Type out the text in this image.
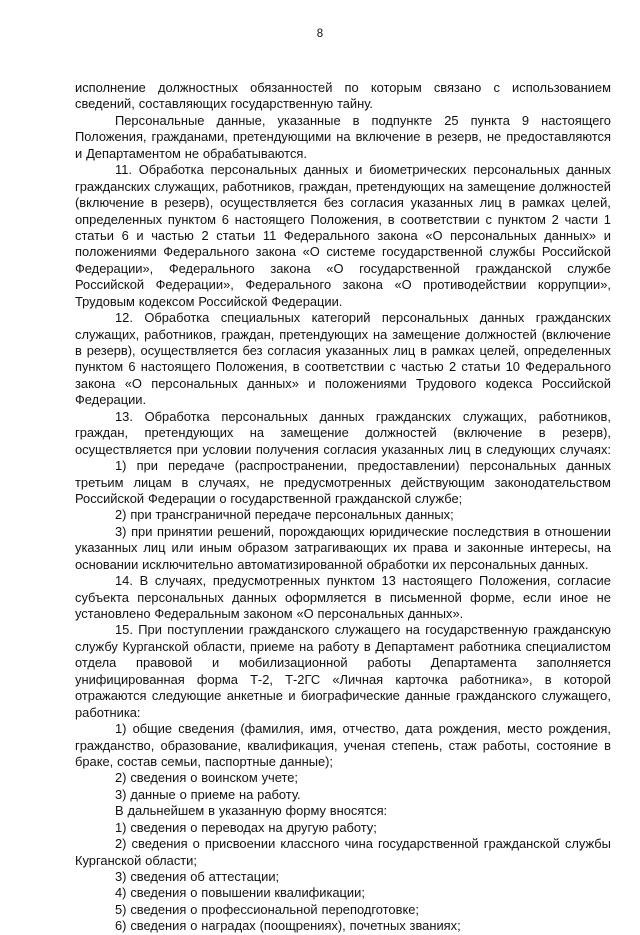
8
исполнение должностных обязанностей по которым связано с использованием
сведений, составляющих государственную тайну.
Персональные данные, указанные в подпункте 25 пункта 9 настоящего
Положения, гражданами, претендующими на включение в резерв, не предоставляются
и Департаментом не обрабатываются.
11. Обработка персональных данных и биометрических персональных данных
гражданских служащих, работников, граждан, претендующих на замещение должностей
(включение в резерв), осуществляется без согласия указанных лиц в рамках целей,
определенных пунктом 6 настоящего Положения, в соответствии с пунктом 2 части 1
статьи 6 и частью 2 статьи 11 Федерального закона «О персональных данных» и
положениями Федерального закона «О системе государственной службы Российской
Федерации», Федерального закона «О государственной гражданской службе
Российской Федерации», Федерального закона «О противодействии коррупции»,
Трудовым кодексом Российской Федерации.
12. Обработка специальных категорий персональных данных гражданских
служащих, работников, граждан, претендующих на замещение должностей (включение
в резерв), осуществляется без согласия указанных лиц в рамках целей, определенных
пунктом 6 настоящего Положения, в соответствии с частью 2 статьи 10 Федерального
закона «О персональных данных» и положениями Трудового кодекса Российской
Федерации.
13. Обработка персональных данных гражданских служащих, работников,
граждан, претендующих на замещение должностей (включение в резерв),
осуществляется при условии получения согласия указанных лиц в следующих случаях:
1) при передаче (распространении, предоставлении) персональных данных
третьим лицам в случаях, не предусмотренных действующим законодательством
Российской Федерации о государственной гражданской службе;
2) при трансграничной передаче персональных данных;
3) при принятии решений, порождающих юридические последствия в отношении
указанных лиц или иным образом затрагивающих их права и законные интересы, на
основании исключительно автоматизированной обработки их персональных данных.
14. В случаях, предусмотренных пунктом 13 настоящего Положения, согласие
субъекта персональных данных оформляется в письменной форме, если иное не
установлено Федеральным законом «О персональных данных».
15. При поступлении гражданского служащего на государственную гражданскую
службу Курганской области, приеме на работу в Департамент работника специалистом
отдела правовой и мобилизационной работы Департамента заполняется
унифицированная форма Т-2, Т-2ГС «Личная карточка работника», в которой
отражаются следующие анкетные и биографические данные гражданского служащего,
работника:
1) общие сведения (фамилия, имя, отчество, дата рождения, место рождения,
гражданство, образование, квалификация, ученая степень, стаж работы, состояние в
браке, состав семьи, паспортные данные);
2) сведения о воинском учете;
3) данные о приеме на работу.
В дальнейшем в указанную форму вносятся:
1) сведения о переводах на другую работу;
2) сведения о присвоении классного чина государственной гражданской службы
Курганской области;
3) сведения об аттестации;
4) сведения о повышении квалификации;
5) сведения о профессиональной переподготовке;
6) сведения о наградах (поощрениях), почетных званиях;
